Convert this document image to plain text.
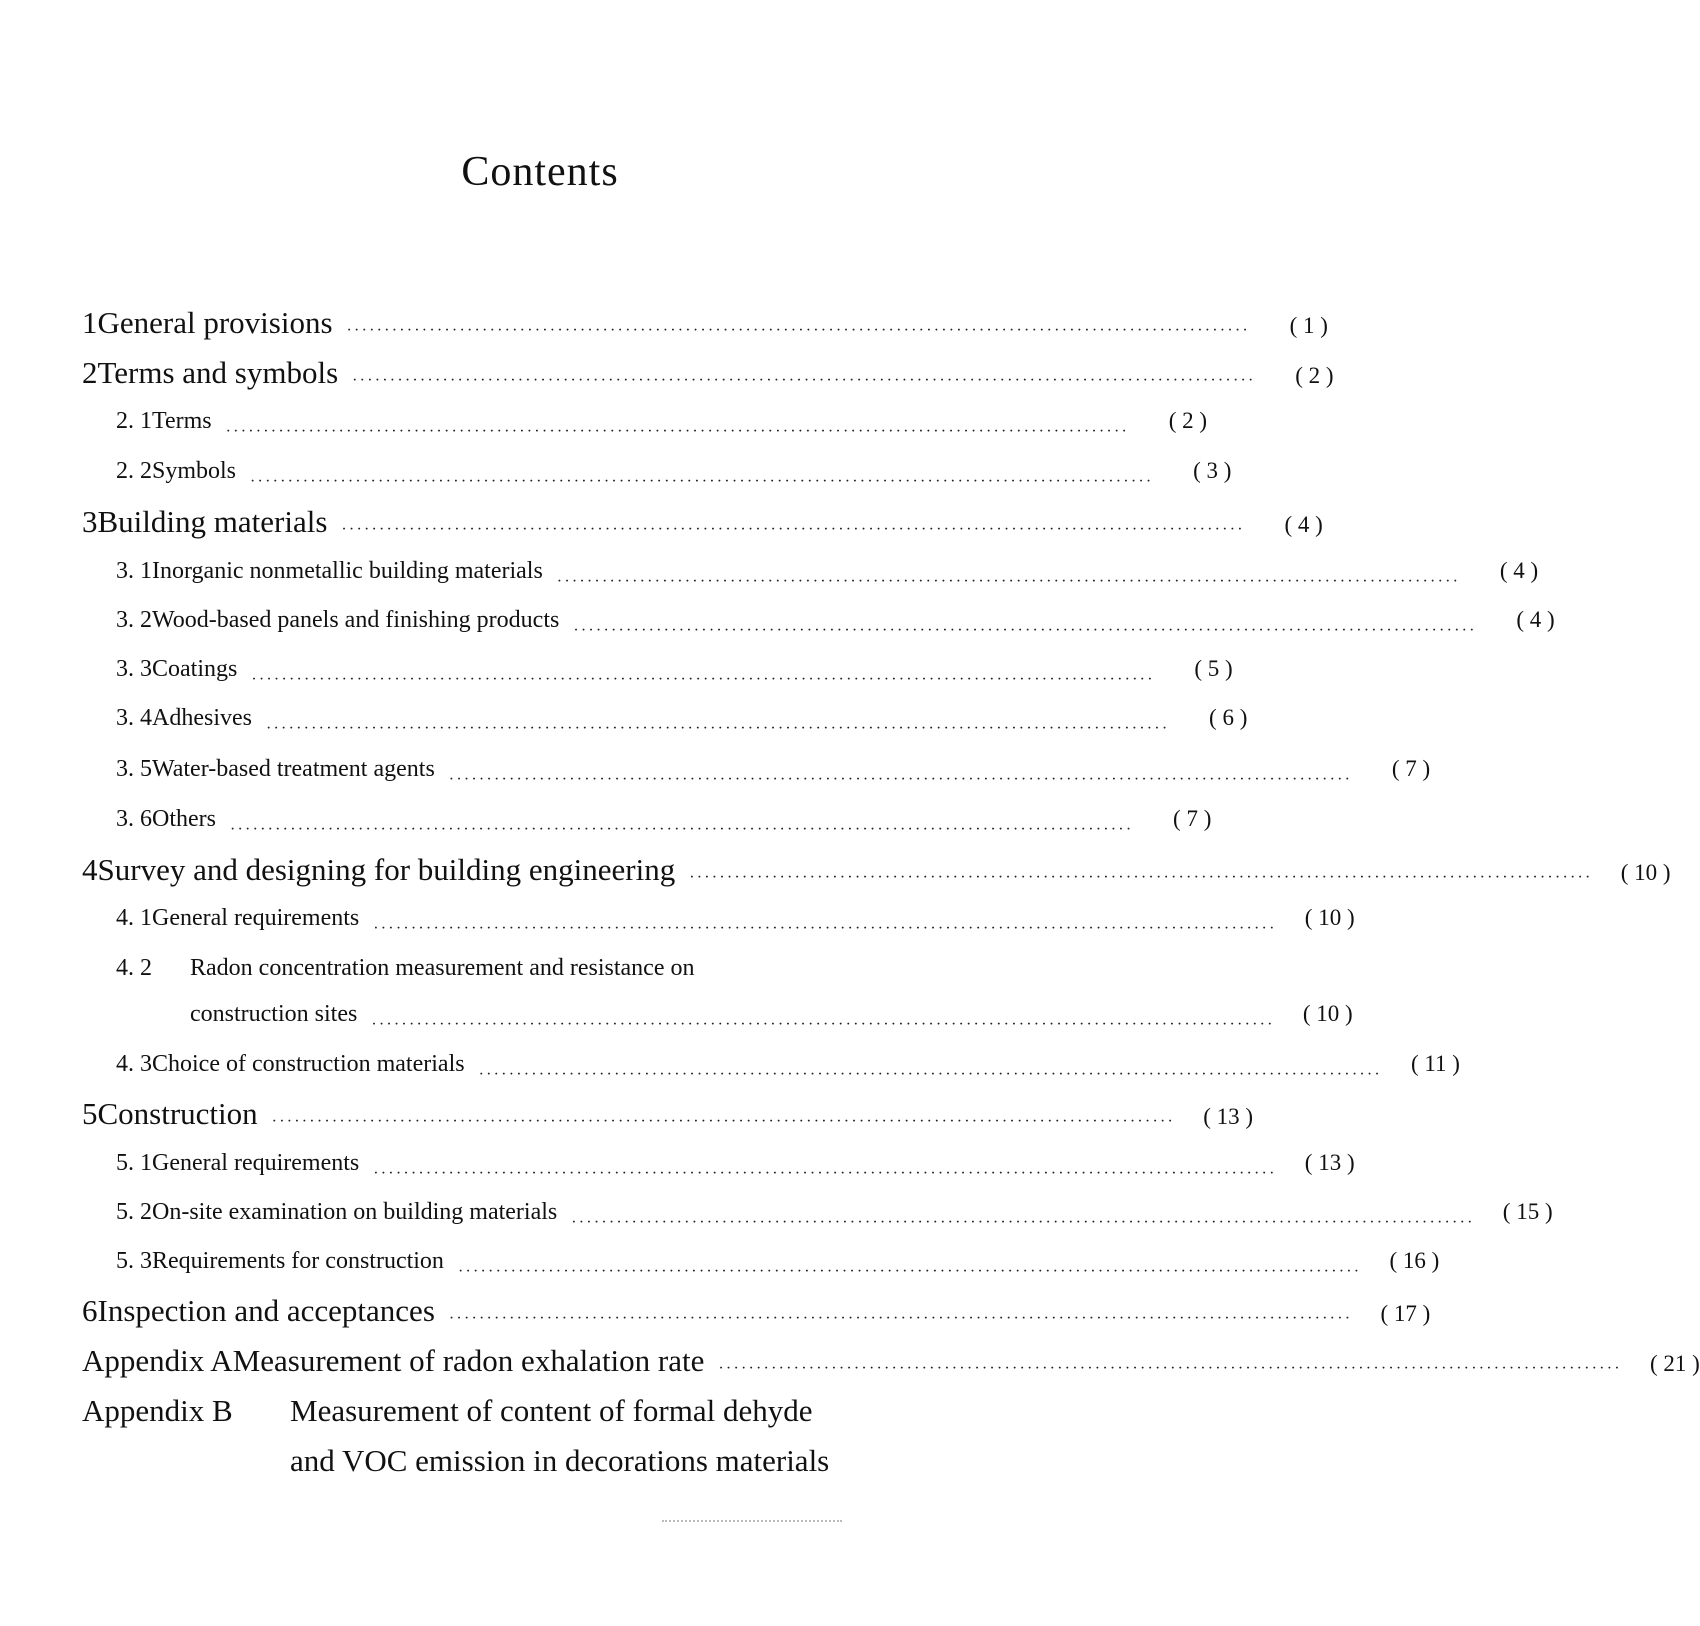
Contents
1 General provisions ························································································································	( 1 )
2 Terms and symbols ························································································································	( 2 )
2. 1 Terms ························································································································	( 2 )
2. 2 Symbols ························································································································	( 3 )
3 Building materials ························································································································	( 4 )
3. 1 Inorganic nonmetallic building materials ························································································································	( 4 )
3. 2 Wood-based panels and finishing products ························································································································	( 4 )
3. 3 Coatings ························································································································	( 5 )
3. 4 Adhesives ························································································································	( 6 )
3. 5 Water-based treatment agents ························································································································	( 7 )
3. 6 Others ························································································································	( 7 )
4 Survey and designing for building engineering ························································································································	( 10 )
4. 1 General requirements ························································································································	( 10 )
4. 2	Radon concentration measurement and resistance on
construction sites ························································································································	( 10 )
4. 3 Choice of construction materials ························································································································	( 11 )
5 Construction ························································································································	( 13 )
5. 1 General requirements ························································································································	( 13 )
5. 2 On-site examination on building materials ························································································································	( 15 )
5. 3 Requirements for construction ························································································································	( 16 )
6 Inspection and acceptances ························································································································	( 17 )
Appendix A Measurement of radon exhalation rate ························································································································	( 21 )
Appendix B	Measurement of content of formal dehyde
and VOC emission in decorations materials
